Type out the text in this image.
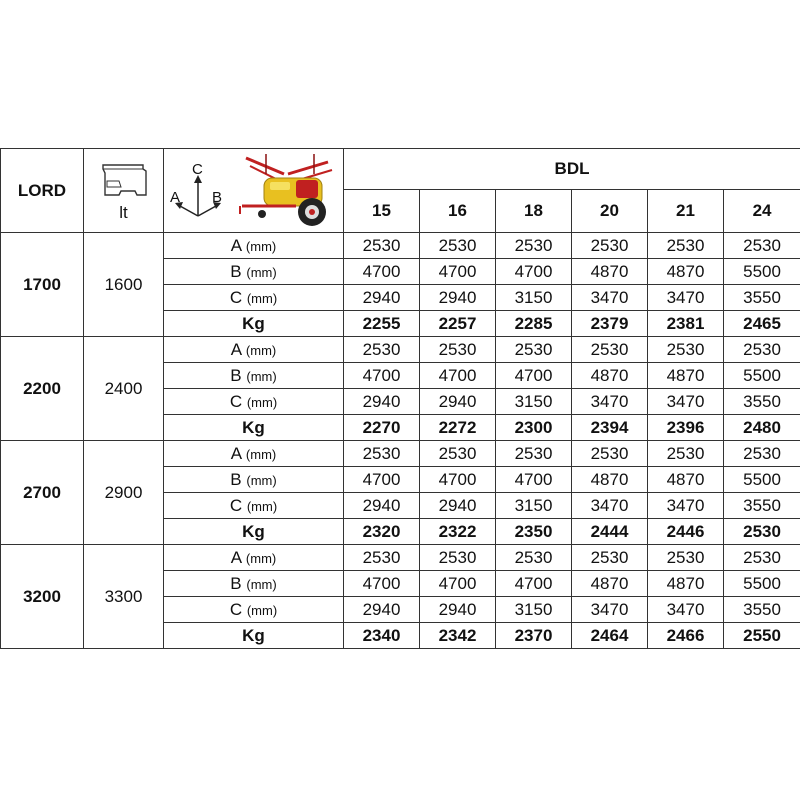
LORD	lt	C
A B	BDL					
			15	16	18	20	21	24
1700	1600	A (mm)	2530	2530	2530	2530	2530	2530
		B (mm)	4700	4700	4700	4870	4870	5500
		C (mm)	2940	2940	3150	3470	3470	3550
		Kg	2255	2257	2285	2379	2381	2465
2200	2400	A (mm)	2530	2530	2530	2530	2530	2530
		B (mm)	4700	4700	4700	4870	4870	5500
		C (mm)	2940	2940	3150	3470	3470	3550
		Kg	2270	2272	2300	2394	2396	2480
2700	2900	A (mm)	2530	2530	2530	2530	2530	2530
		B (mm)	4700	4700	4700	4870	4870	5500
		C (mm)	2940	2940	3150	3470	3470	3550
		Kg	2320	2322	2350	2444	2446	2530
3200	3300	A (mm)	2530	2530	2530	2530	2530	2530
		B (mm)	4700	4700	4700	4870	4870	5500
		C (mm)	2940	2940	3150	3470	3470	3550
		Kg	2340	2342	2370	2464	2466	2550
